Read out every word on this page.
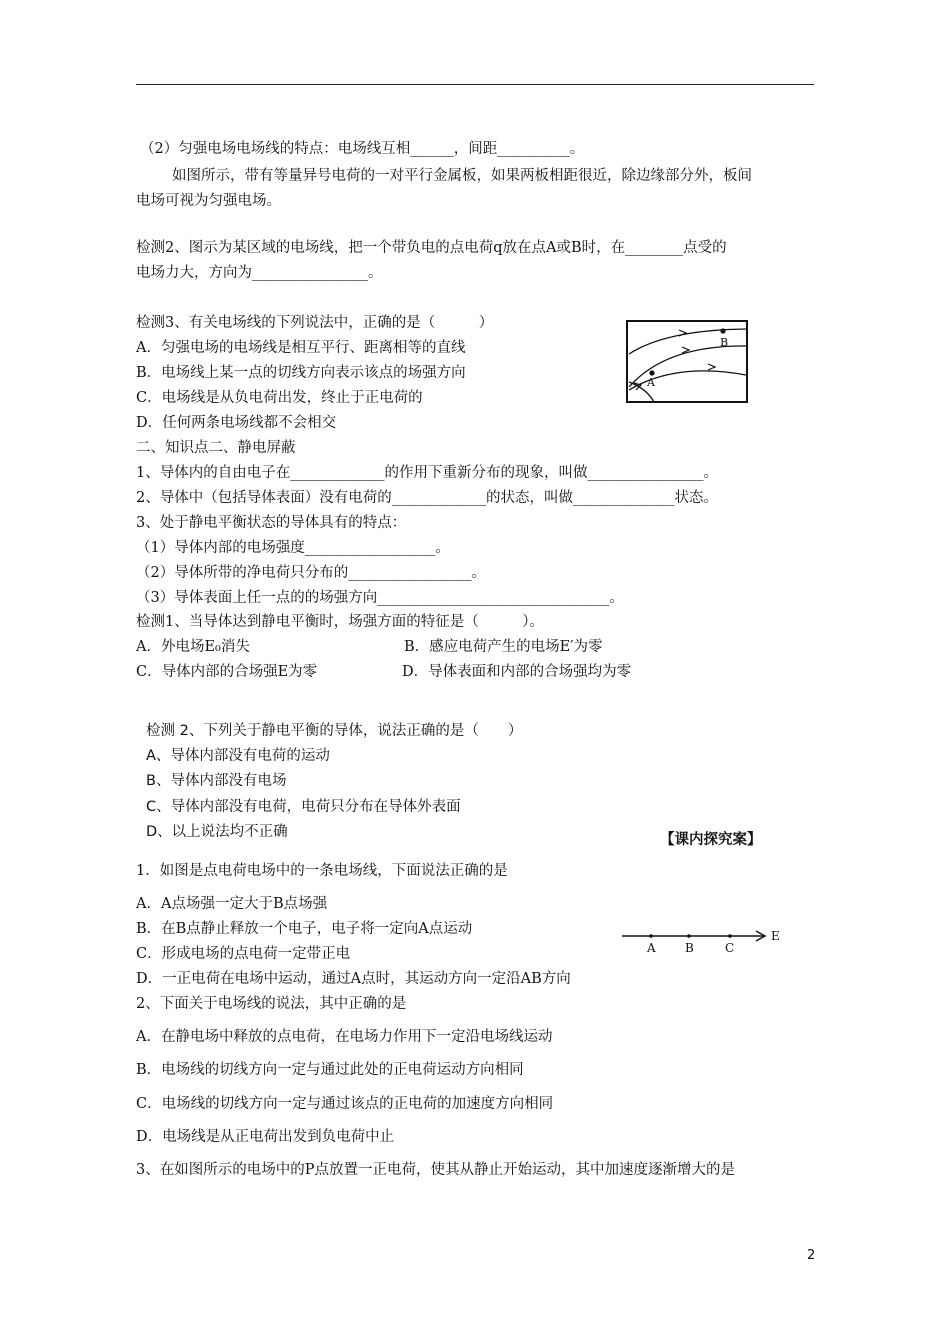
（2）匀强电场电场线的特点：电场线互相______，间距__________。
如图所示，带有等量异号电荷的一对平行金属板，如果两板相距很近，除边缘部分外，板间
电场可视为匀强电场。
检测2、图示为某区域的电场线，把一个带负电的点电荷q放在点A或B时，在________点受的
电场力大，方向为________________。
检测3、有关电场线的下列说法中，正确的是（　　　）
A．匀强电场的电场线是相互平行、距离相等的直线
B．电场线上某一点的切线方向表示该点的场强方向
C．电场线是从负电荷出发，终止于正电荷的
D．任何两条电场线都不会相交
二、知识点二、静电屏蔽
1、导体内的自由电子在_____________的作用下重新分布的现象，叫做________________。
2、导体中（包括导体表面）没有电荷的_____________的状态，叫做______________状态。
3、处于静电平衡状态的导体具有的特点：
（1）导体内部的电场强度__________________。
（2）导体所带的净电荷只分布的_________________。
（3）导体表面上任一点的的场强方向________________________________。
检测1、当导体达到静电平衡时，场强方面的特征是（　　　）。
A．外电场E₀消失	B．感应电荷产生的电场E′为零
C．导体内部的合场强E为零	D．导体表面和内部的合场强均为零
检测 2、下列关于静电平衡的导体，说法正确的是（　　）
A、导体内部没有电荷的运动
B、导体内部没有电场
C、导体内部没有电荷，电荷只分布在导体外表面
D、以上说法均不正确	【课内探究案】
1．如图是点电荷电场中的一条电场线，下面说法正确的是
A．A点场强一定大于B点场强
B．在B点静止释放一个电子，电子将一定向A点运动
C．形成电场的点电荷一定带正电
D．一正电荷在电场中运动，通过A点时，其运动方向一定沿AB方向
2、下面关于电场线的说法，其中正确的是
A．在静电场中释放的点电荷，在电场力作用下一定沿电场线运动
B．电场线的切线方向一定与通过此处的正电荷运动方向相同
C．电场线的切线方向一定与通过该点的正电荷的加速度方向相同
D．电场线是从正电荷出发到负电荷中止
3、在如图所示的电场中的P点放置一正电荷，使其从静止开始运动，其中加速度逐渐增大的是
B
A
A B	C
E
2
